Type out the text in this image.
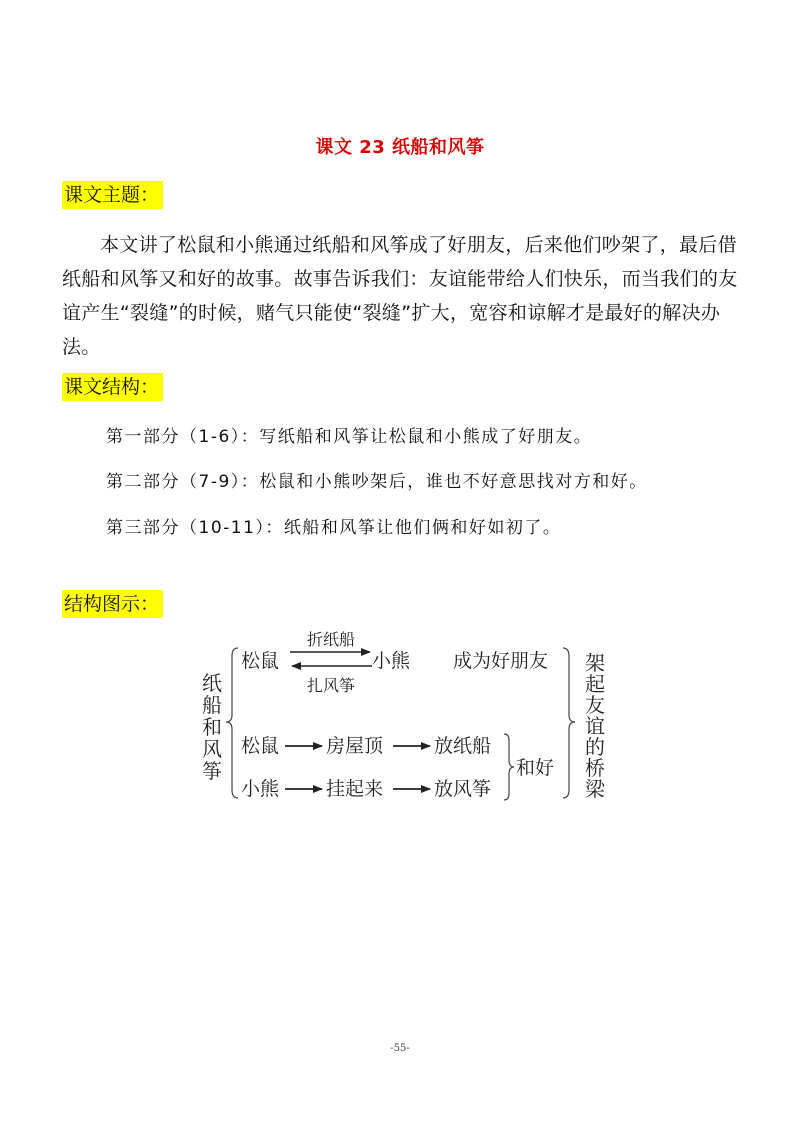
课文 23 纸船和风筝
课文主题：

本文讲了松鼠和小熊通过纸船和风筝成了好朋友，后来他们吵架了，最后借纸船和风筝又和好的故事。故事告诉我们：友谊能带给人们快乐，而当我们的友谊产生“裂缝”的时候，赌气只能使“裂缝”扩大，宽容和谅解才是最好的解决办法。

课文结构：

第一部分（1-6）：写纸船和风筝让松鼠和小熊成了好朋友。

第二部分（7-9）：松鼠和小熊吵架后，谁也不好意思找对方和好。

第三部分（10-11）：纸船和风筝让他们俩和好如初了。

结构图示：
纸
船
和
风
筝
松鼠
折纸船
扎风筝
小熊 成为好朋友
松鼠 房屋顶	放纸船
小熊 挂起来	放风筝
和好
架
起
友
谊
的
桥
梁
-55-
